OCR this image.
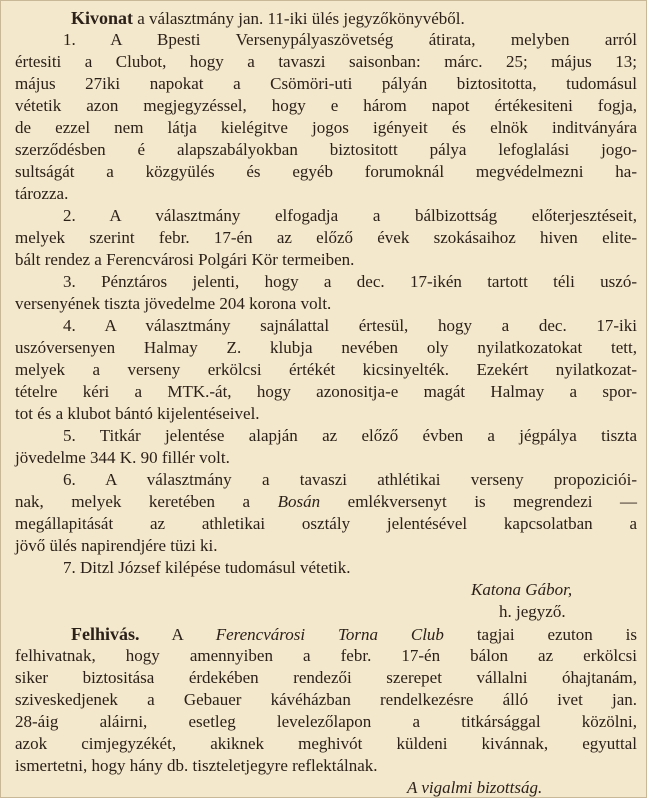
Kivonat a választmány jan. 11-iki ülés jegyzőkönyvéből.
1. A Bpesti Versenypályaszövetség átirata, melyben arról
értesiti a Clubot, hogy a tavaszi saisonban: márc. 25; május 13;
május 27iki napokat a Csömöri-uti pályán biztositotta, tudomásul
vétetik azon megjegyzéssel, hogy e három napot értékesiteni fogja,
de ezzel nem látja kielégitve jogos igényeit és elnök inditványára
szerződésben é alapszabályokban biztositott pálya lefoglalási jogo-
sultságát a közgyülés és egyéb forumoknál megvédelmezni ha-
tározza.
2. A választmány elfogadja a bálbizottság előterjesztéseit,
melyek szerint febr. 17-én az előző évek szokásaihoz hiven elite-
bált rendez a Ferencvárosi Polgári Kör termeiben.
3. Pénztáros jelenti, hogy a dec. 17-ikén tartott téli uszó-
versenyének tiszta jövedelme 204 korona volt.
4. A választmány sajnálattal értesül, hogy a dec. 17-iki
uszóversenyen Halmay Z. klubja nevében oly nyilatkozatokat tett,
melyek a verseny erkölcsi értékét kicsinyelték. Ezekért nyilatkozat-
tételre kéri a MTK.-át, hogy azonositja-e magát Halmay a spor-
tot és a klubot bántó kijelentéseivel.
5. Titkár jelentése alapján az előző évben a jégpálya tiszta
jövedelme 344 K. 90 fillér volt.
6. A választmány a tavaszi athlétikai verseny propoziciói-
nak, melyek keretében a Bosán emlékversenyt is megrendezi —
megállapitását az athletikai osztály jelentésével kapcsolatban a
jövő ülés napirendjére tüzi ki.
7. Ditzl József kilépése tudomásul vétetik.
Katona Gábor,
h. jegyző.
Felhivás. A Ferencvárosi Torna Club tagjai ezuton is
felhivatnak, hogy amennyiben a febr. 17-én bálon az erkölcsi
siker biztositása érdekében rendezői szerepet vállalni óhajtanám,
sziveskedjenek a Gebauer kávéházban rendelkezésre álló ivet jan.
28-áig aláirni, esetleg levelezőlapon a titkársággal közölni,
azok cimjegyzékét, akiknek meghivót küldeni kivánnak, egyuttal
ismertetni, hogy hány db. tiszteletjegyre reflektálnak.
A vigalmi bizottság.
